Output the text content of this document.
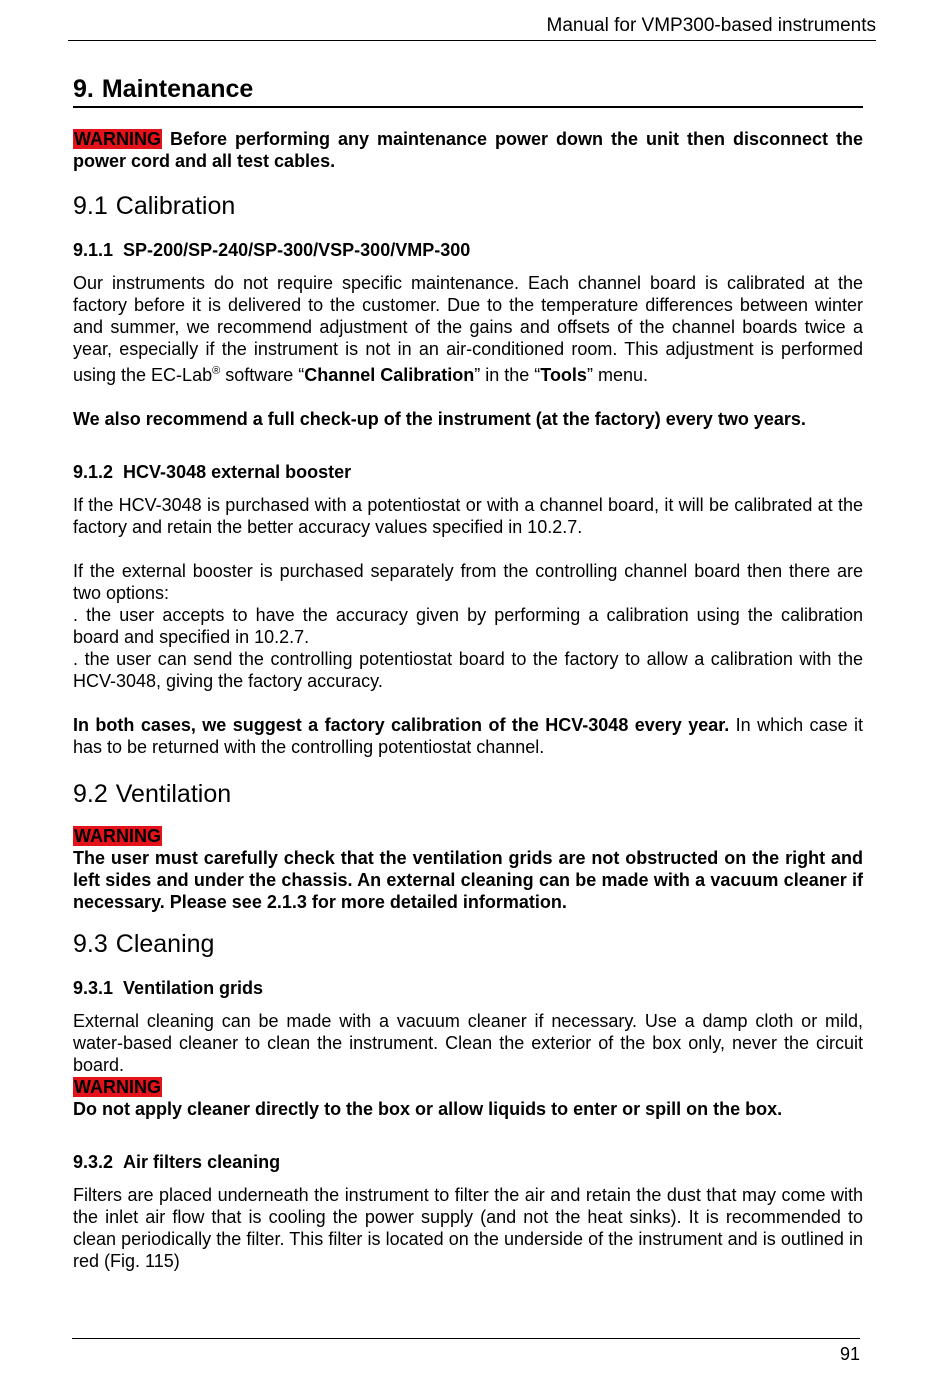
Manual for VMP300-based instruments
9. Maintenance

WARNING Before performing any maintenance power down the unit then disconnect the power cord and all test cables.

9.1 Calibration
9.1.1 SP-200/SP-240/SP-300/VSP-300/VMP-300

Our instruments do not require specific maintenance. Each channel board is calibrated at the factory before it is delivered to the customer. Due to the temperature differences between winter and summer, we recommend adjustment of the gains and offsets of the channel boards twice a year, especially if the instrument is not in an air-conditioned room. This adjustment is performed using the EC-Lab® software “Channel Calibration” in the “Tools” menu.

We also recommend a full check-up of the instrument (at the factory) every two years.

9.1.2 HCV-3048 external booster

If the HCV-3048 is purchased with a potentiostat or with a channel board, it will be calibrated at the factory and retain the better accuracy values specified in 10.2.7.

If the external booster is purchased separately from the controlling channel board then there are two options:
. the user accepts to have the accuracy given by performing a calibration using the calibration board and specified in 10.2.7.
. the user can send the controlling potentiostat board to the factory to allow a calibration with the HCV-3048, giving the factory accuracy.

In both cases, we suggest a factory calibration of the HCV-3048 every year. In which case it has to be returned with the controlling potentiostat channel.

9.2 Ventilation

WARNING
The user must carefully check that the ventilation grids are not obstructed on the right and left sides and under the chassis. An external cleaning can be made with a vacuum cleaner if necessary. Please see 2.1.3 for more detailed information.

9.3 Cleaning
9.3.1 Ventilation grids

External cleaning can be made with a vacuum cleaner if necessary. Use a damp cloth or mild, water-based cleaner to clean the instrument. Clean the exterior of the box only, never the circuit board.

WARNING
Do not apply cleaner directly to the box or allow liquids to enter or spill on the box.

9.3.2 Air filters cleaning

Filters are placed underneath the instrument to filter the air and retain the dust that may come with the inlet air flow that is cooling the power supply (and not the heat sinks). It is recommended to clean periodically the filter. This filter is located on the underside of the instrument and is outlined in red (Fig. 115)

91
